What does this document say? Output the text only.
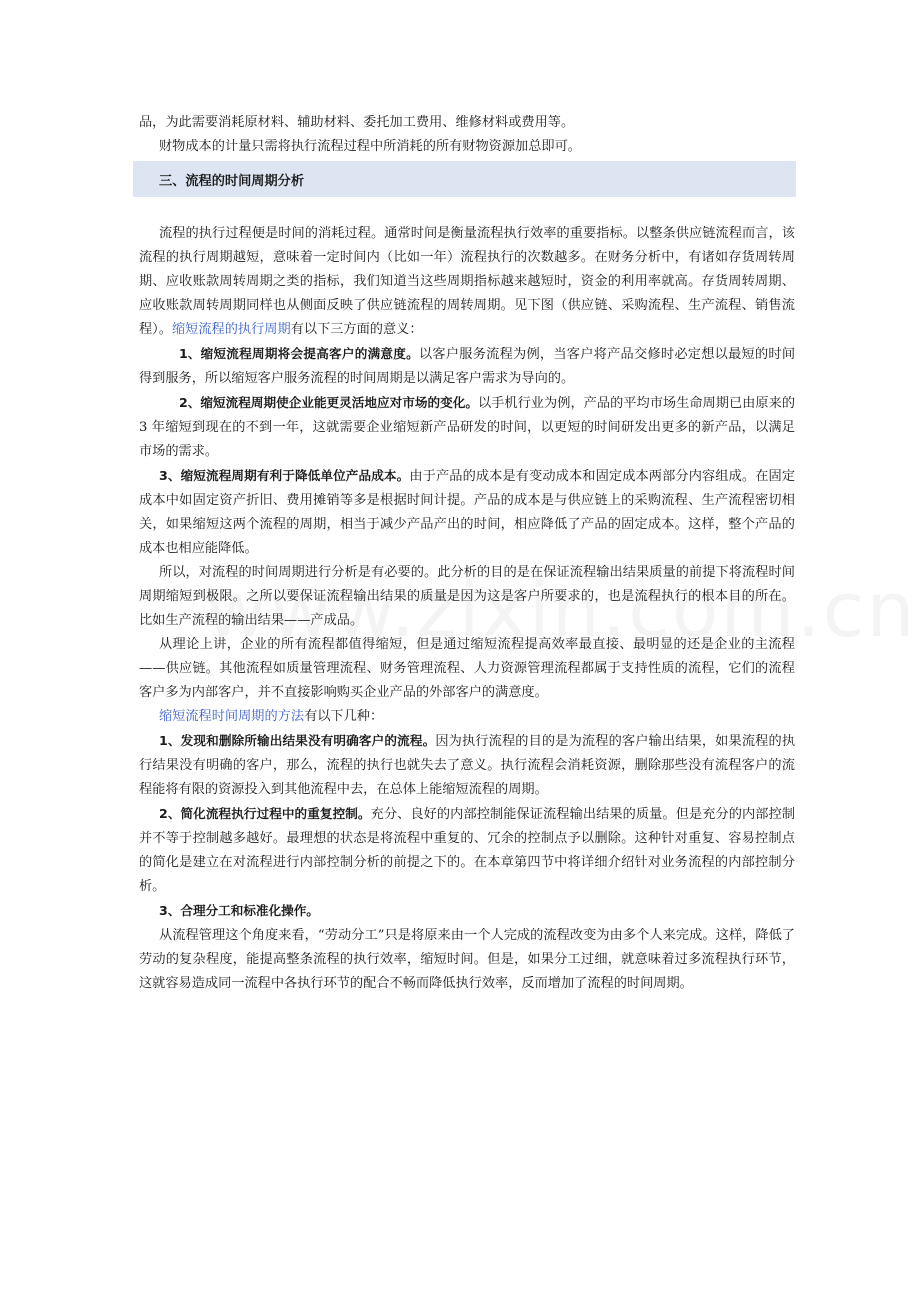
品，为此需要消耗原材料、辅助材料、委托加工费用、维修材料或费用等。

财物成本的计量只需将执行流程过程中所消耗的所有财物资源加总即可。

三、流程的时间周期分析

流程的执行过程便是时间的消耗过程。通常时间是衡量流程执行效率的重要指标。以整条供应链流程而言，该流程的执行周期越短，意味着一定时间内（比如一年）流程执行的次数越多。在财务分析中，有诸如存货周转周期、应收账款周转周期之类的指标，我们知道当这些周期指标越来越短时，资金的利用率就高。存货周转周期、应收账款周转周期同样也从侧面反映了供应链流程的周转周期。见下图（供应链、采购流程、生产流程、销售流程）。缩短流程的执行周期有以下三方面的意义：

1、缩短流程周期将会提高客户的满意度。以客户服务流程为例，当客户将产品交修时必定想以最短的时间得到服务，所以缩短客户服务流程的时间周期是以满足客户需求为导向的。

2、缩短流程周期使企业能更灵活地应对市场的变化。以手机行业为例，产品的平均市场生命周期已由原来的 3 年缩短到现在的不到一年，这就需要企业缩短新产品研发的时间，以更短的时间研发出更多的新产品，以满足市场的需求。

3、缩短流程周期有利于降低单位产品成本。由于产品的成本是有变动成本和固定成本两部分内容组成。在固定成本中如固定资产折旧、费用摊销等多是根据时间计提。产品的成本是与供应链上的采购流程、生产流程密切相关，如果缩短这两个流程的周期，相当于减少产品产出的时间，相应降低了产品的固定成本。这样，整个产品的成本也相应能降低。

所以，对流程的时间周期进行分析是有必要的。此分析的目的是在保证流程输出结果质量的前提下将流程时间周期缩短到极限。之所以要保证流程输出结果的质量是因为这是客户所要求的，也是流程执行的根本目的所在。比如生产流程的输出结果——产成品。

从理论上讲，企业的所有流程都值得缩短，但是通过缩短流程提高效率最直接、最明显的还是企业的主流程——供应链。其他流程如质量管理流程、财务管理流程、人力资源管理流程都属于支持性质的流程，它们的流程客户多为内部客户，并不直接影响购买企业产品的外部客户的满意度。

缩短流程时间周期的方法有以下几种：

1、发现和删除所输出结果没有明确客户的流程。因为执行流程的目的是为流程的客户输出结果，如果流程的执行结果没有明确的客户，那么，流程的执行也就失去了意义。执行流程会消耗资源，删除那些没有流程客户的流程能将有限的资源投入到其他流程中去，在总体上能缩短流程的周期。

2、简化流程执行过程中的重复控制。充分、良好的内部控制能保证流程输出结果的质量。但是充分的内部控制并不等于控制越多越好。最理想的状态是将流程中重复的、冗余的控制点予以删除。这种针对重复、容易控制点的简化是建立在对流程进行内部控制分析的前提之下的。在本章第四节中将详细介绍针对业务流程的内部控制分析。

3、合理分工和标准化操作。

从流程管理这个角度来看，“劳动分工”只是将原来由一个人完成的流程改变为由多个人来完成。这样，降低了劳动的复杂程度，能提高整条流程的执行效率，缩短时间。但是，如果分工过细，就意味着过多流程执行环节，这就容易造成同一流程中各执行环节的配合不畅而降低执行效率，反而增加了流程的时间周期。
